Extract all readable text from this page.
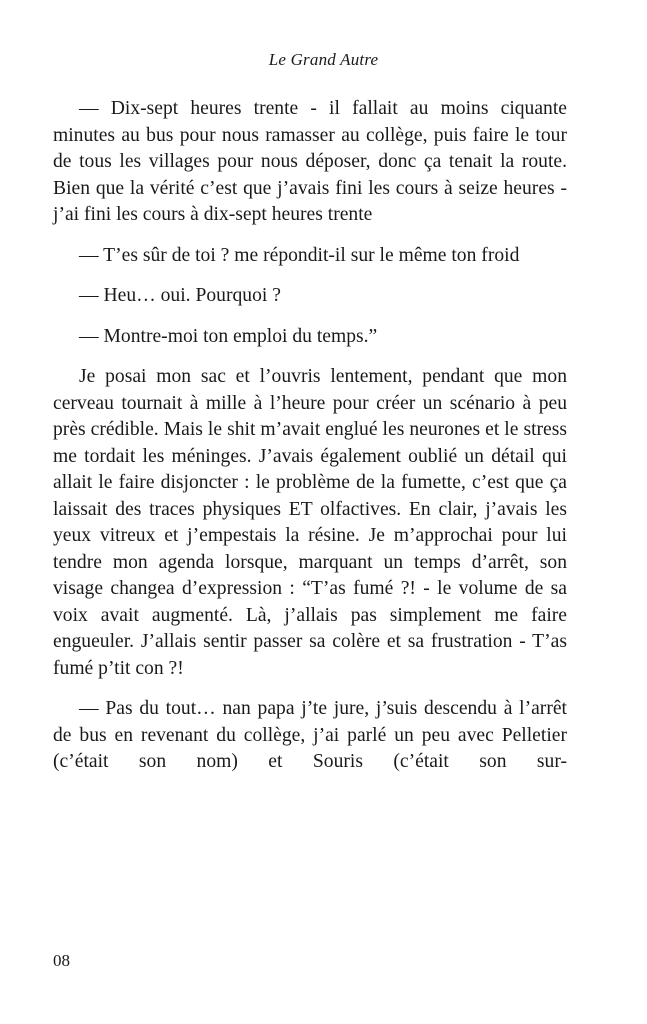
Le Grand Autre

— Dix-sept heures trente - il fallait au moins ciquante minutes au bus pour nous ramasser au collège, puis faire le tour de tous les villages pour nous déposer, donc ça tenait la route. Bien que la vérité c’est que j’avais fini les cours à seize heures - j’ai fini les cours à dix-sept heures trente

— T’es sûr de toi ? me répondit-il sur le même ton froid

— Heu… oui. Pourquoi ?

— Montre-moi ton emploi du temps.”

Je posai mon sac et l’ouvris lentement, pendant que mon cerveau tournait à mille à l’heure pour créer un scénario à peu près crédible. Mais le shit m’avait englué les neurones et le stress me tordait les méninges. J’avais également oublié un détail qui allait le faire disjoncter : le problème de la fumette, c’est que ça laissait des traces physiques ET olfactives. En clair, j’avais les yeux vitreux et j’empestais la résine. Je m’approchai pour lui tendre mon agenda lorsque, marquant un temps d’arrêt, son visage changea d’expression : “T’as fumé ?! - le volume de sa voix avait augmenté. Là, j’allais pas simplement me faire engueuler. J’allais sentir passer sa colère et sa frustration - T’as fumé p’tit con ?!

— Pas du tout… nan papa j’te jure, j’suis descendu à l’arrêt de bus en revenant du collège, j’ai parlé un peu avec Pelletier (c’était son nom) et Souris (c’était son sur-

08
